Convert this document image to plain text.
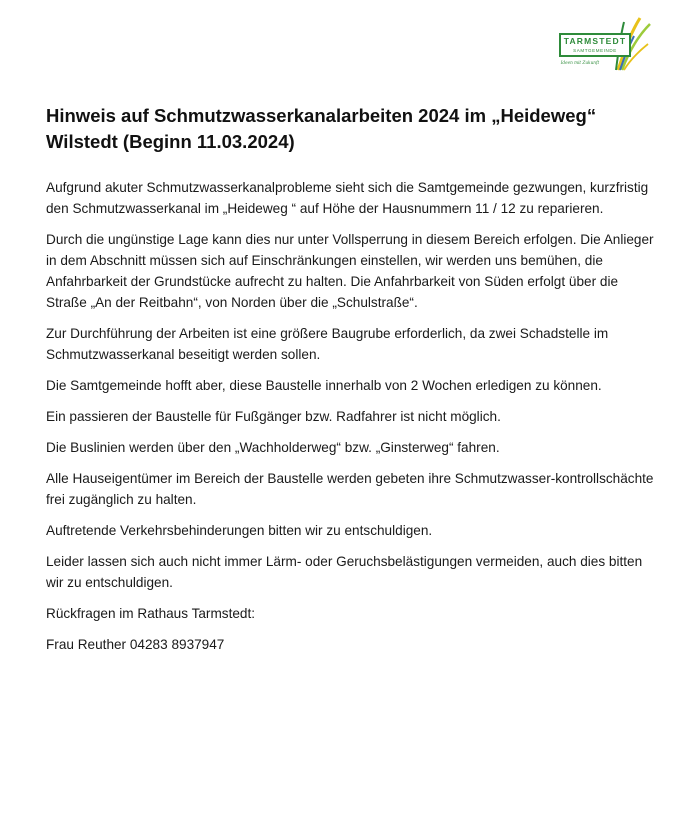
TARMSTEDT
SAMTGEMEINDE
Ideen mit Zukunft
Hinweis auf Schmutzwasserkanalarbeiten 2024 im „Heideweg“ Wilstedt (Beginn 11.03.2024)

Aufgrund akuter Schmutzwasserkanalprobleme sieht sich die Samtgemeinde gezwungen, kurzfristig den Schmutzwasserkanal im „Heideweg “ auf Höhe der Hausnummern 11 / 12 zu reparieren.

Durch die ungünstige Lage kann dies nur unter Vollsperrung in diesem Bereich erfolgen. Die Anlieger in dem Abschnitt müssen sich auf Einschränkungen einstellen, wir werden uns bemühen, die Anfahrbarkeit der Grundstücke aufrecht zu halten. Die Anfahrbarkeit von Süden erfolgt über die Straße „An der Reitbahn“, von Norden über die „Schulstraße“.

Zur Durchführung der Arbeiten ist eine größere Baugrube erforderlich, da zwei Schadstelle im Schmutzwasserkanal beseitigt werden sollen.

Die Samtgemeinde hofft aber, diese Baustelle innerhalb von 2 Wochen erledigen zu können.

Ein passieren der Baustelle für Fußgänger bzw. Radfahrer ist nicht möglich.

Die Buslinien werden über den „Wachholderweg“ bzw. „Ginsterweg“ fahren.

Alle Hauseigentümer im Bereich der Baustelle werden gebeten ihre Schmutzwasser-kontrollschächte frei zugänglich zu halten.

Auftretende Verkehrsbehinderungen bitten wir zu entschuldigen.

Leider lassen sich auch nicht immer Lärm- oder Geruchsbelästigungen vermeiden, auch dies bitten wir zu entschuldigen.

Rückfragen im Rathaus Tarmstedt:

Frau Reuther 04283 8937947
